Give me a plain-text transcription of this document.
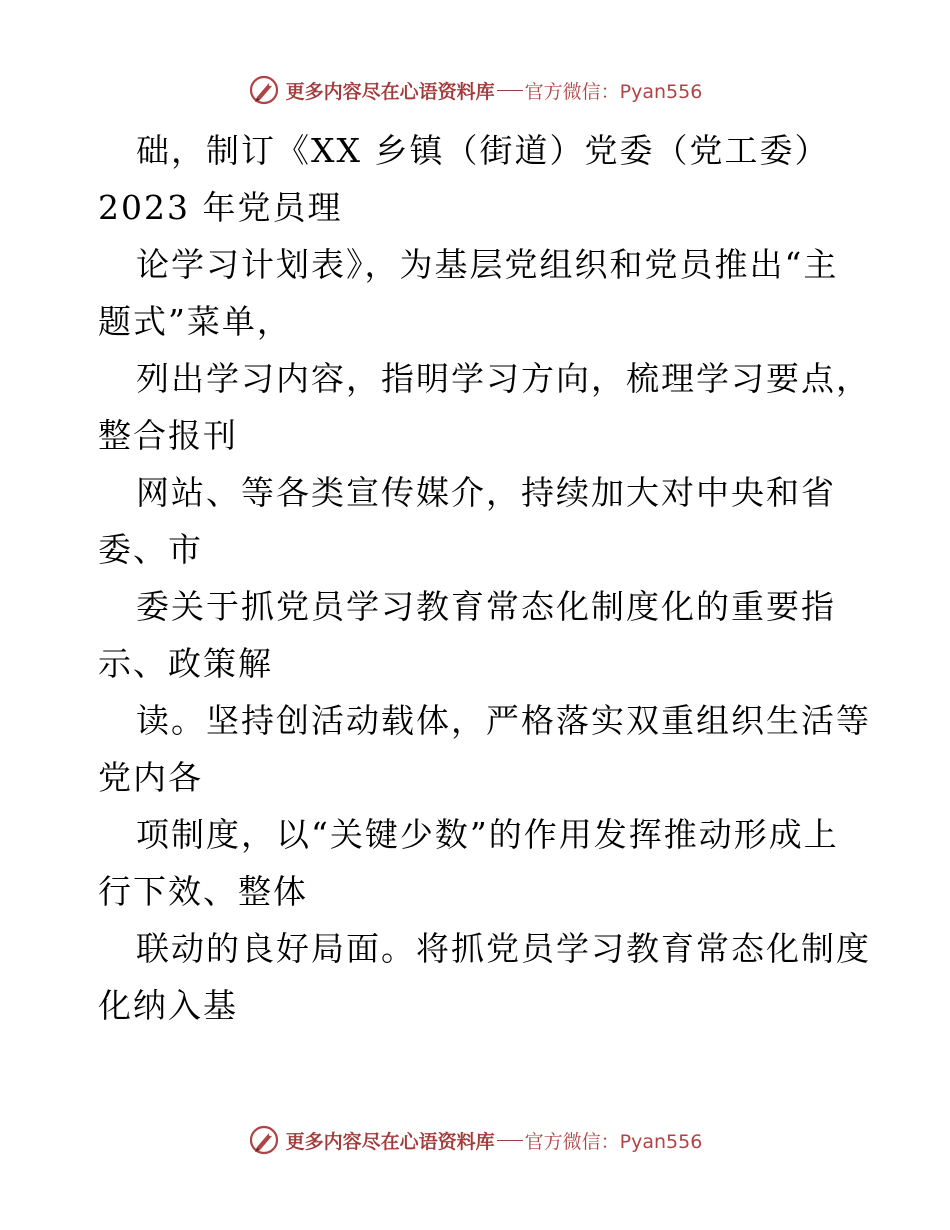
更多内容尽在心语资料库 官方微信：Pyan556
础，制订《XX 乡镇（街道）党委（党工委）
2023 年党员理
论学习计划表》，为基层党组织和党员推出“主
题式”菜单，
列出学习内容，指明学习方向，梳理学习要点，
整合报刊
网站、等各类宣传媒介，持续加大对中央和省
委、市
委关于抓党员学习教育常态化制度化的重要指
示、政策解
读。坚持创活动载体，严格落实双重组织生活等
党内各
项制度，以“关键少数”的作用发挥推动形成上
行下效、整体
联动的良好局面。将抓党员学习教育常态化制度
化纳入基
更多内容尽在心语资料库 官方微信：Pyan556
